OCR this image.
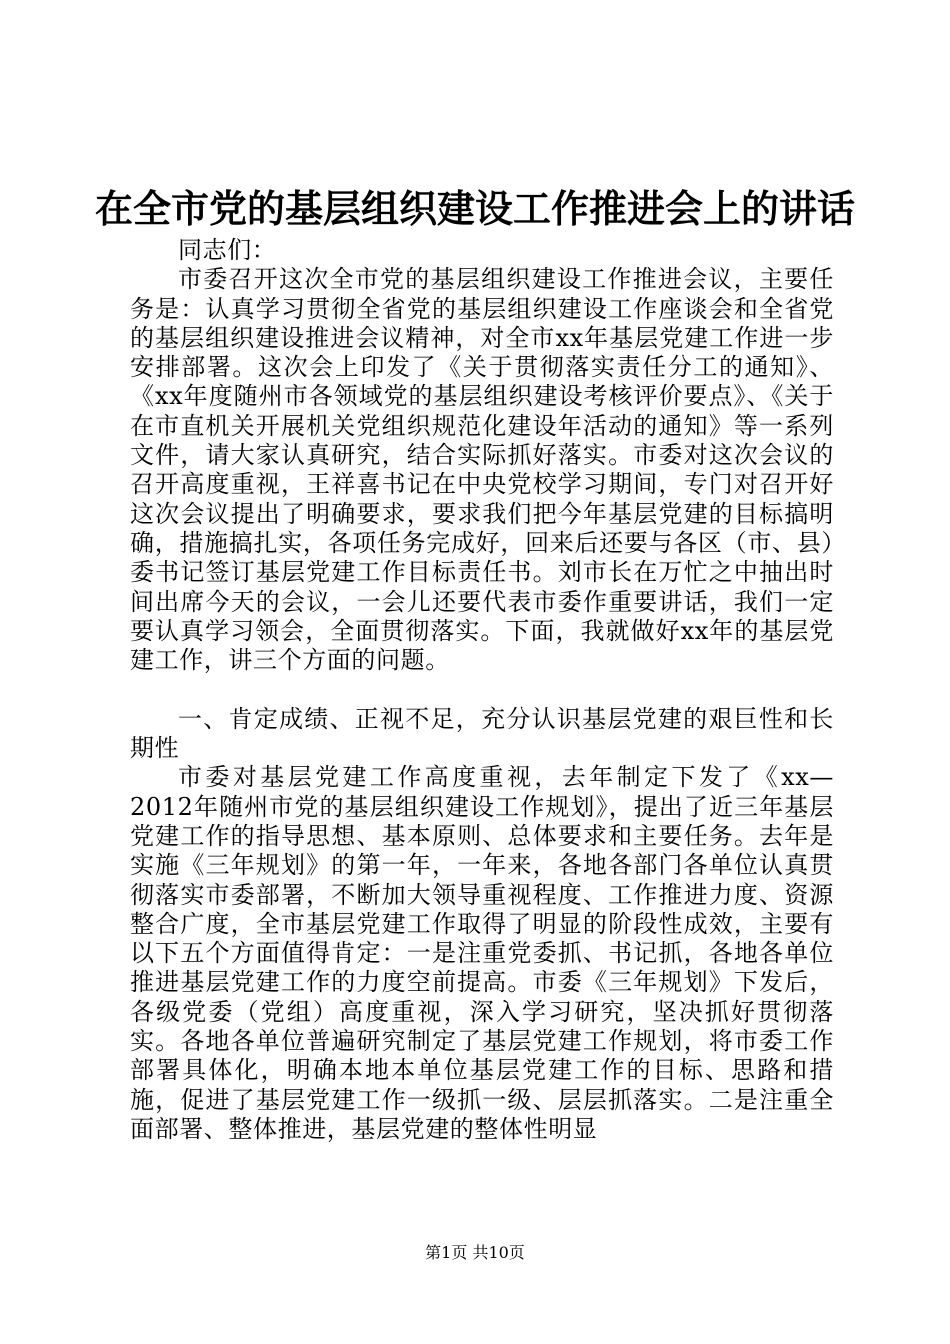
在全市党的基层组织建设工作推进会上的讲话

同志们：

市委召开这次全市党的基层组织建设工作推进会议，主要任务是：认真学习贯彻全省党的基层组织建设工作座谈会和全省党的基层组织建设推进会议精神，对全市xx年基层党建工作进一步安排部署。这次会上印发了《关于贯彻落实责任分工的通知》、《xx年度随州市各领域党的基层组织建设考核评价要点》、《关于在市直机关开展机关党组织规范化建设年活动的通知》等一系列文件，请大家认真研究，结合实际抓好落实。市委对这次会议的召开高度重视，王祥喜书记在中央党校学习期间，专门对召开好这次会议提出了明确要求，要求我们把今年基层党建的目标搞明确，措施搞扎实，各项任务完成好，回来后还要与各区（市、县）委书记签订基层党建工作目标责任书。刘市长在万忙之中抽出时间出席今天的会议，一会儿还要代表市委作重要讲话，我们一定要认真学习领会，全面贯彻落实。下面，我就做好xx年的基层党建工作，讲三个方面的问题。

一、肯定成绩、正视不足，充分认识基层党建的艰巨性和长期性

市委对基层党建工作高度重视，去年制定下发了《xx—2012年随州市党的基层组织建设工作规划》，提出了近三年基层党建工作的指导思想、基本原则、总体要求和主要任务。去年是实施《三年规划》的第一年，一年来，各地各部门各单位认真贯彻落实市委部署，不断加大领导重视程度、工作推进力度、资源整合广度，全市基层党建工作取得了明显的阶段性成效，主要有以下五个方面值得肯定：一是注重党委抓、书记抓，各地各单位推进基层党建工作的力度空前提高。市委《三年规划》下发后，各级党委（党组）高度重视，深入学习研究，坚决抓好贯彻落实。各地各单位普遍研究制定了基层党建工作规划，将市委工作部署具体化，明确本地本单位基层党建工作的目标、思路和措施，促进了基层党建工作一级抓一级、层层抓落实。二是注重全面部署、整体推进，基层党建的整体性明显

第1页 共10页
